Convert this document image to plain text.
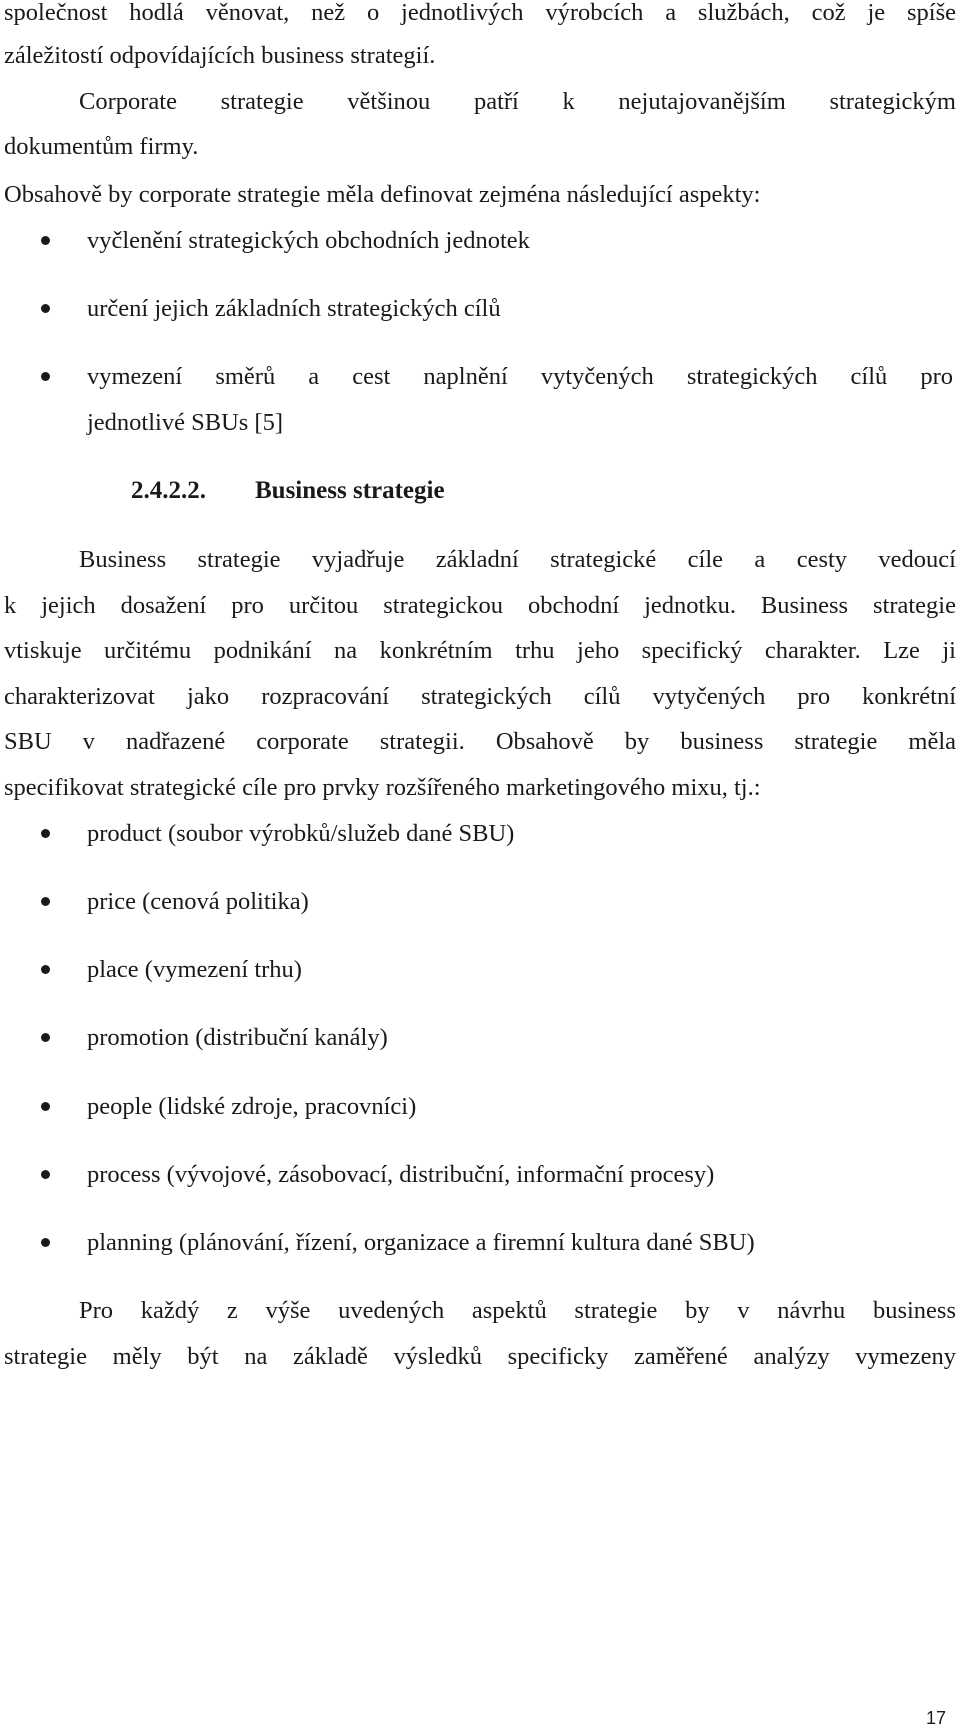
společnost hodlá věnovat, než o jednotlivých výrobcích a službách, což je spíše
záležitostí odpovídajících business strategií.
Corporate strategie většinou patří k nejutajovanějším strategickým
dokumentům firmy.
Obsahově by corporate strategie měla definovat zejména následující aspekty:
vyčlenění strategických obchodních jednotek
určení jejich základních strategických cílů
vymezení směrů a cest naplnění vytyčených strategických cílů pro
jednotlivé SBUs [5]
2.4.2.2. Business strategie
Business strategie vyjadřuje základní strategické cíle a cesty vedoucí
k jejich dosažení pro určitou strategickou obchodní jednotku. Business strategie
vtiskuje určitému podnikání na konkrétním trhu jeho specifický charakter. Lze ji
charakterizovat jako rozpracování strategických cílů vytyčených pro konkrétní
SBU v nadřazené corporate strategii. Obsahově by business strategie měla
specifikovat strategické cíle pro prvky rozšířeného marketingového mixu, tj.:
product (soubor výrobků/služeb dané SBU)
price (cenová politika)
place (vymezení trhu)
promotion (distribuční kanály)
people (lidské zdroje, pracovníci)
process (vývojové, zásobovací, distribuční, informační procesy)
planning (plánování, řízení, organizace a firemní kultura dané SBU)
Pro každý z výše uvedených aspektů strategie by v návrhu business
strategie měly být na základě výsledků specificky zaměřené analýzy vymezeny
17
